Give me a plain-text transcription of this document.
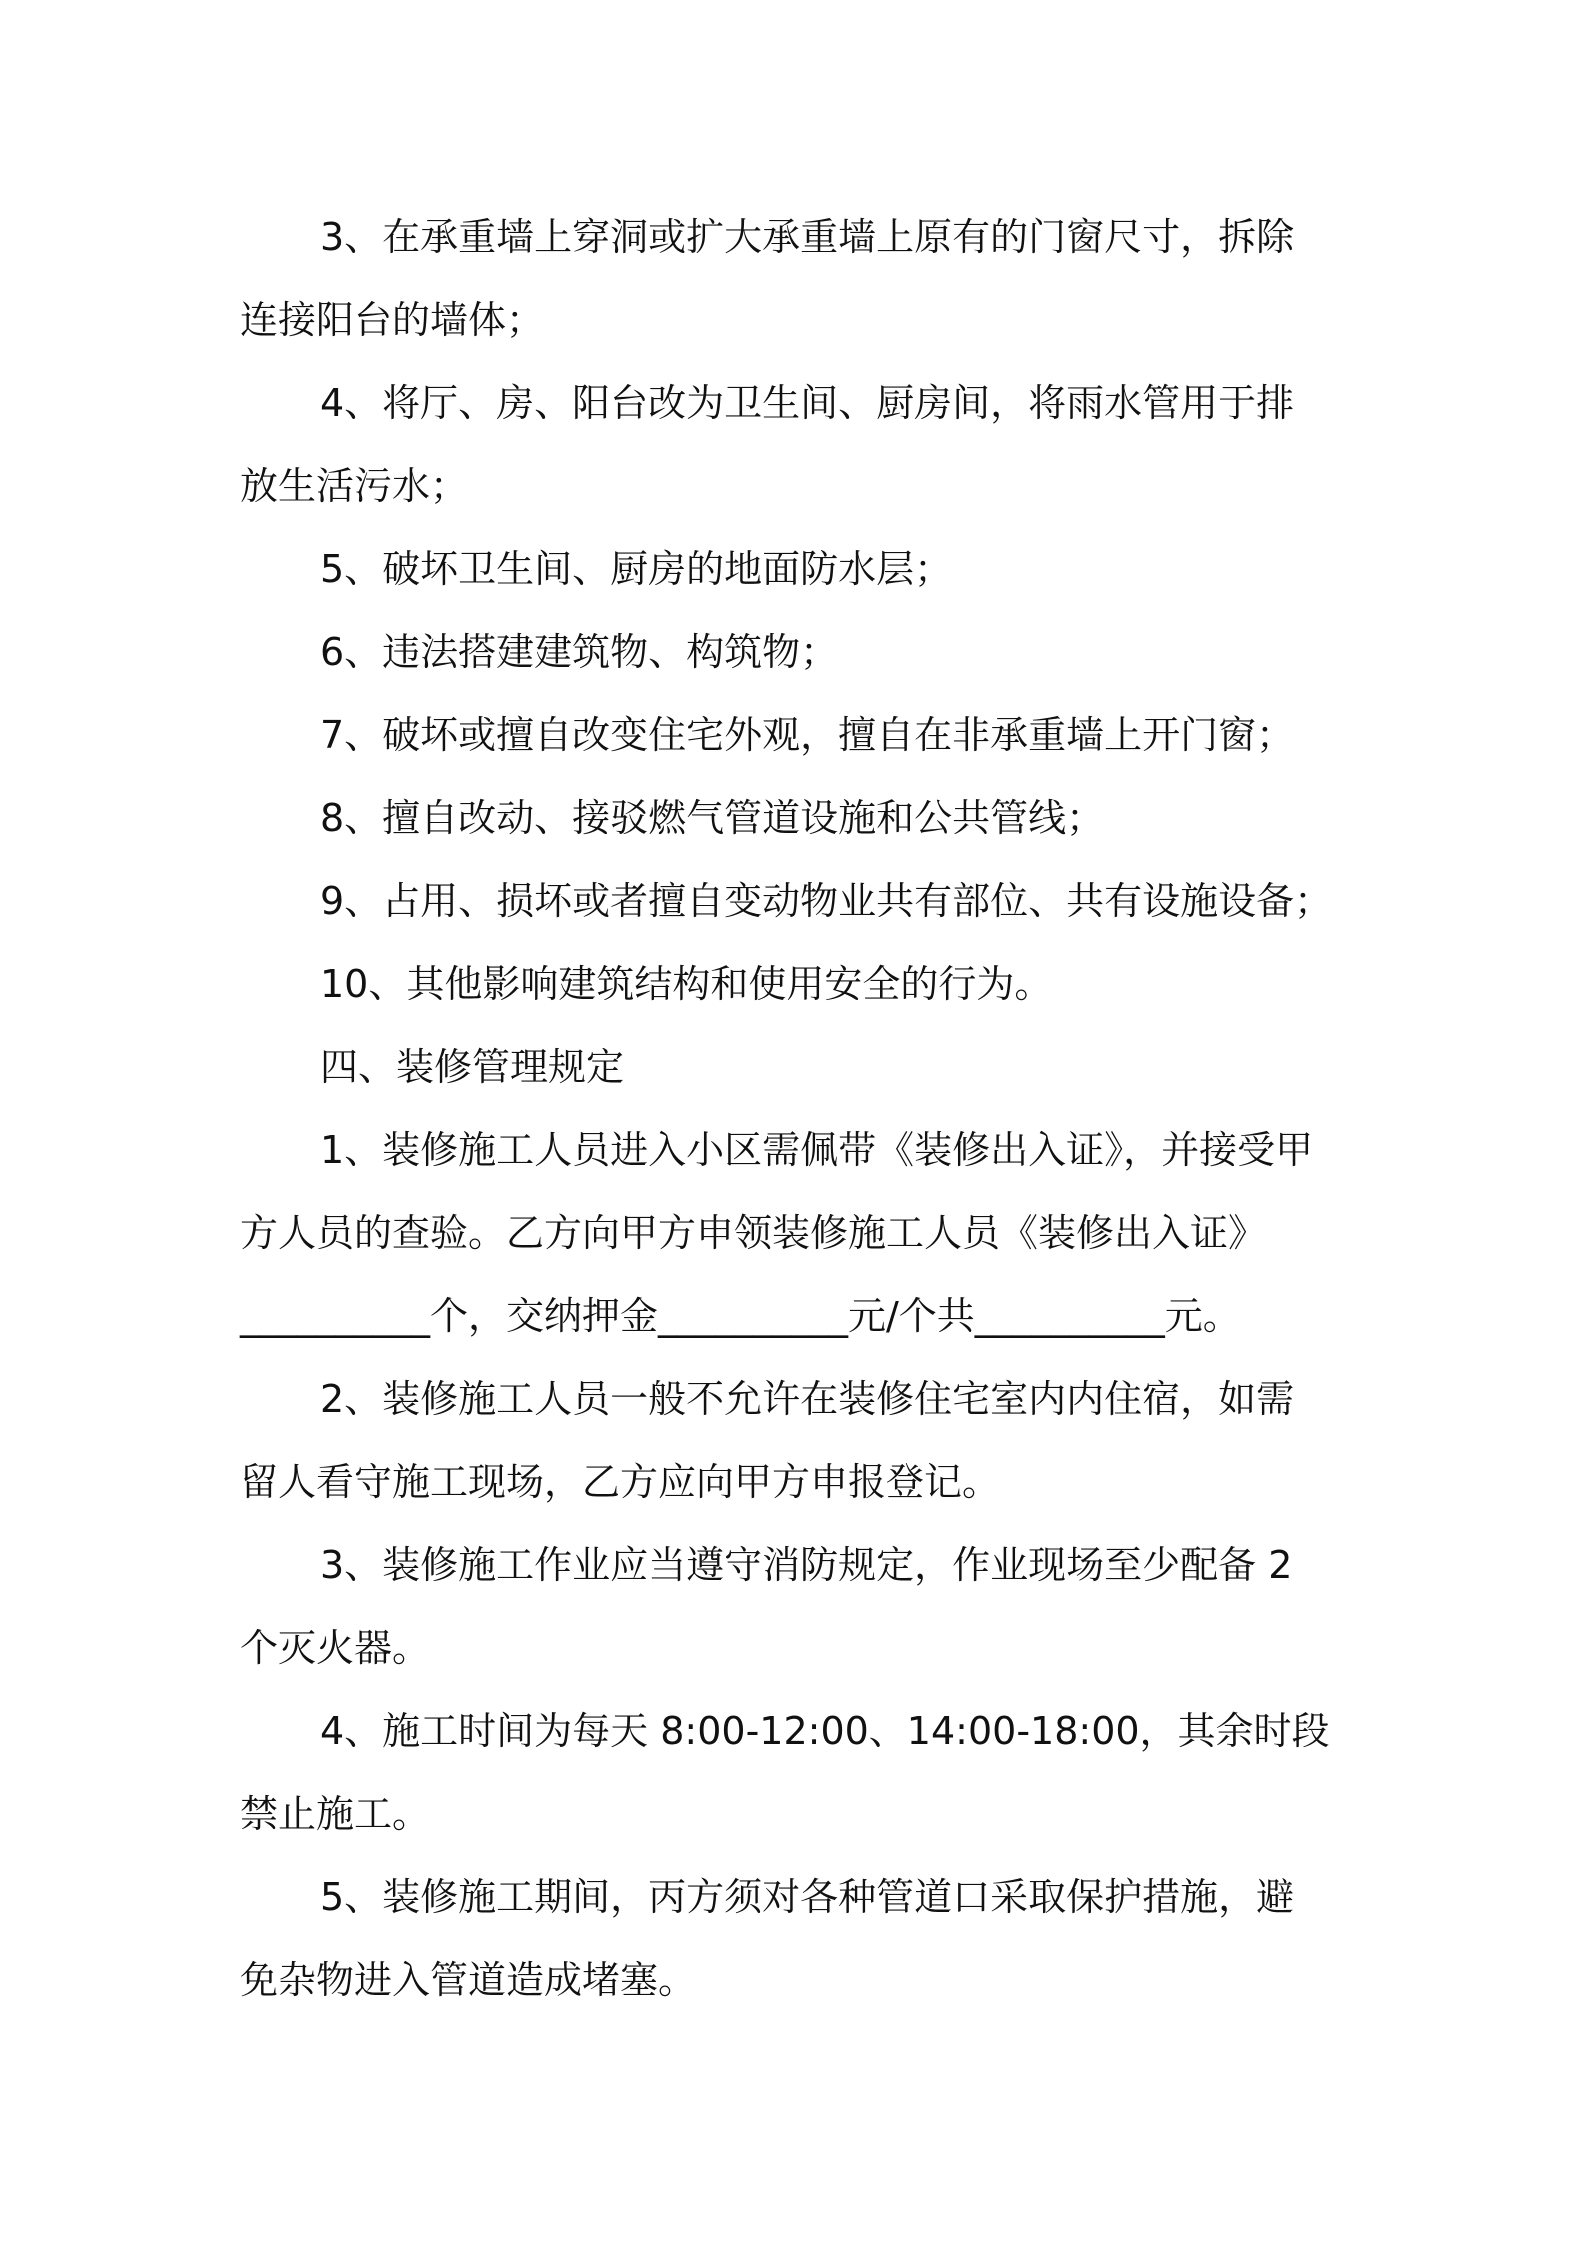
3、在承重墙上穿洞或扩大承重墙上原有的门窗尺寸，拆除

连接阳台的墙体；

4、将厅、房、阳台改为卫生间、厨房间，将雨水管用于排

放生活污水；

5、破坏卫生间、厨房的地面防水层；

6、违法搭建建筑物、构筑物；

7、破坏或擅自改变住宅外观，擅自在非承重墙上开门窗；

8、擅自改动、接驳燃气管道设施和公共管线；

9、占用、损坏或者擅自变动物业共有部位、共有设施设备；

10、其他影响建筑结构和使用安全的行为。

四、装修管理规定

1、装修施工人员进入小区需佩带《装修出入证》，并接受甲

方人员的查验。乙方向甲方申领装修施工人员《装修出入证》

__________个，交纳押金__________元/个共__________元。

2、装修施工人员一般不允许在装修住宅室内内住宿，如需

留人看守施工现场，乙方应向甲方申报登记。

3、装修施工作业应当遵守消防规定，作业现场至少配备 2

个灭火器。

4、施工时间为每天 8:00-12:00、14:00-18:00，其余时段

禁止施工。

5、装修施工期间，丙方须对各种管道口采取保护措施，避

免杂物进入管道造成堵塞。
